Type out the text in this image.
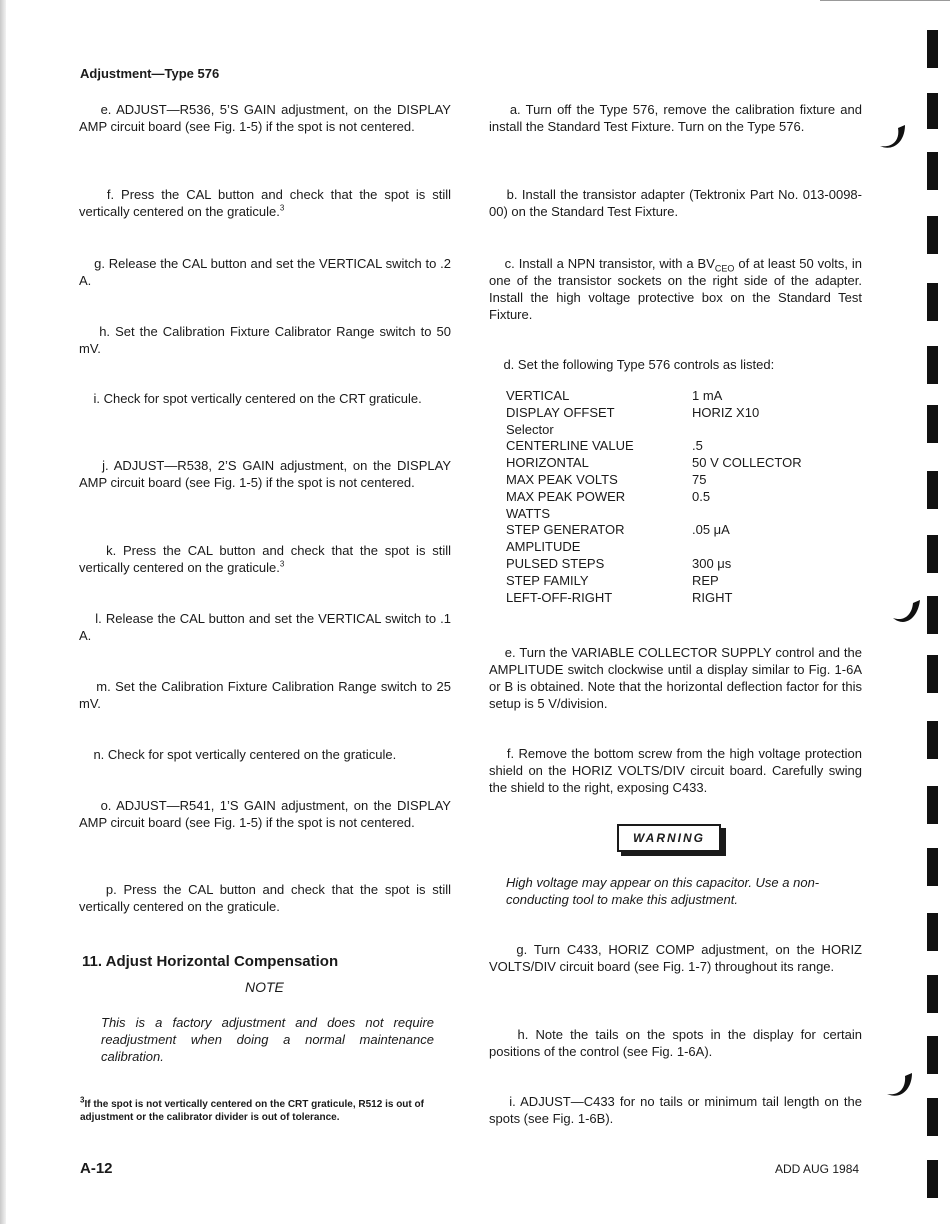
Adjustment—Type 576
e. ADJUST—R536, 5’S GAIN adjustment, on the DISPLAY AMP circuit board (see Fig. 1-5) if the spot is not centered.
f. Press the CAL button and check that the spot is still vertically centered on the graticule.$^3$
g. Release the CAL button and set the VERTICAL switch to .2 A.
h. Set the Calibration Fixture Calibrator Range switch to 50 mV.
i. Check for spot vertically centered on the CRT graticule.
j. ADJUST—R538, 2’S GAIN adjustment, on the DISPLAY AMP circuit board (see Fig. 1-5) if the spot is not centered.
k. Press the CAL button and check that the spot is still vertically centered on the graticule.$^3$
l. Release the CAL button and set the VERTICAL switch to .1 A.
m. Set the Calibration Fixture Calibration Range switch to 25 mV.
n. Check for spot vertically centered on the graticule.
o. ADJUST—R541, 1’S GAIN adjustment, on the DISPLAY AMP circuit board (see Fig. 1-5) if the spot is not centered.
p. Press the CAL button and check that the spot is still vertically centered on the graticule.
11. Adjust Horizontal Compensation
NOTE
This is a factory adjustment and does not require readjustment when doing a normal maintenance calibration.
$^3$If the spot is not vertically centered on the CRT graticule, R512 is out of adjustment or the calibrator divider is out of tolerance.
a. Turn off the Type 576, remove the calibration fixture and install the Standard Test Fixture. Turn on the Type 576.
b. Install the transistor adapter (Tektronix Part No. 013-0098-00) on the Standard Test Fixture.
c. Install a NPN transistor, with a $BV_{CEO}$ of at least 50 volts, in one of the transistor sockets on the right side of the adapter. Install the high voltage protective box on the Standard Test Fixture.
d. Set the following Type 576 controls as listed:
e. Turn the VARIABLE COLLECTOR SUPPLY control and the AMPLITUDE switch clockwise until a display similar to Fig. 1-6A or B is obtained. Note that the horizontal deflection factor for this setup is 5 V/division.
f. Remove the bottom screw from the high voltage protection shield on the HORIZ VOLTS/DIV circuit board. Carefully swing the shield to the right, exposing C433.
g. Turn C433, HORIZ COMP adjustment, on the HORIZ VOLTS/DIV circuit board (see Fig. 1-7) throughout its range.
h. Note the tails on the spots in the display for certain positions of the control (see Fig. 1-6A).
i. ADJUST—C433 for no tails or minimum tail length on the spots (see Fig. 1-6B).
VERTICAL	1 mA
DISPLAY OFFSET	HORIZ X10
Selector	
CENTERLINE VALUE	.5
HORIZONTAL	50 V COLLECTOR
MAX PEAK VOLTS	75
MAX PEAK POWER	0.5
WATTS	
STEP GENERATOR	.05 μA
AMPLITUDE	
PULSED STEPS	300 μs
STEP FAMILY	REP
LEFT-OFF-RIGHT	RIGHT
WARNING
High voltage may appear on this capacitor. Use a non-conducting tool to make this adjustment.
A-12	ADD AUG 1984
